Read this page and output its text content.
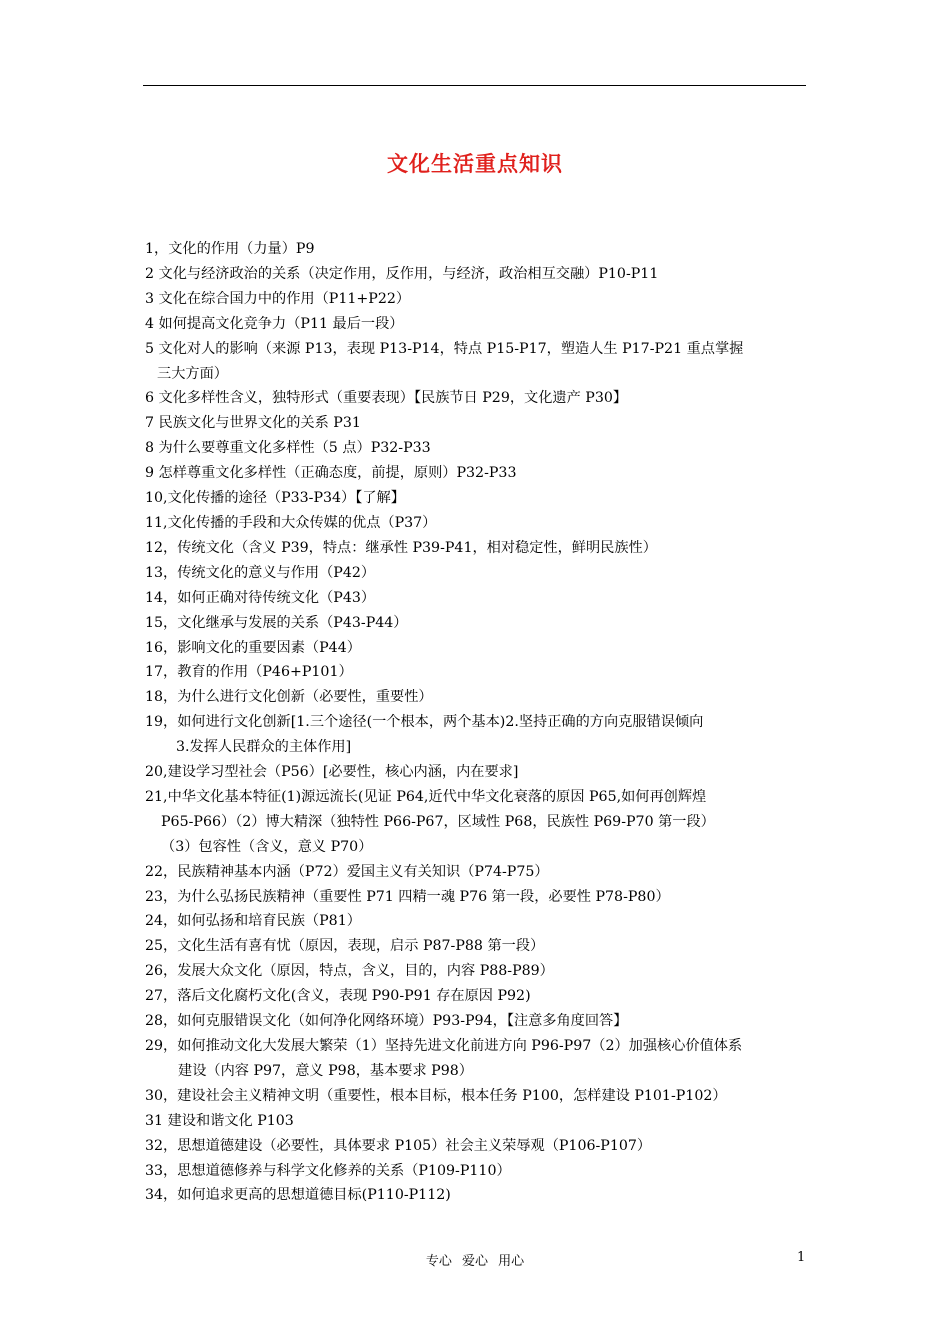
文化生活重点知识
1，文化的作用（力量）P9
2 文化与经济政治的关系（决定作用，反作用，与经济，政治相互交融）P10-P11
3 文化在综合国力中的作用（P11+P22）
4 如何提高文化竞争力（P11 最后一段）
5 文化对人的影响（来源 P13，表现 P13-P14，特点 P15-P17，塑造人生 P17-P21 重点掌握
三大方面）
6 文化多样性含义，独特形式（重要表现）【民族节日 P29，文化遗产 P30】
7 民族文化与世界文化的关系 P31
8 为什么要尊重文化多样性（5 点）P32-P33
9 怎样尊重文化多样性（正确态度，前提，原则）P32-P33
10,文化传播的途径（P33-P34）【了解】
11,文化传播的手段和大众传媒的优点（P37）
12，传统文化（含义 P39，特点：继承性 P39-P41，相对稳定性，鲜明民族性）
13，传统文化的意义与作用（P42）
14，如何正确对待传统文化（P43）
15，文化继承与发展的关系（P43-P44）
16，影响文化的重要因素（P44）
17，教育的作用（P46+P101）
18，为什么进行文化创新（必要性，重要性）
19，如何进行文化创新[1.三个途径(一个根本，两个基本)2.坚持正确的方向克服错误倾向
3.发挥人民群众的主体作用]
20,建设学习型社会（P56）[必要性，核心内涵，内在要求]
21,中华文化基本特征(1)源远流长(见证 P64,近代中华文化衰落的原因 P65,如何再创辉煌
P65-P66）（2）博大精深（独特性 P66-P67，区域性 P68，民族性 P69-P70 第一段）
（3）包容性（含义，意义 P70）
22，民族精神基本内涵（P72）爱国主义有关知识（P74-P75）
23，为什么弘扬民族精神（重要性 P71 四精一魂 P76 第一段，必要性 P78-P80）
24，如何弘扬和培育民族（P81）
25，文化生活有喜有忧（原因，表现，启示 P87-P88 第一段）
26，发展大众文化（原因，特点，含义，目的，内容 P88-P89）
27，落后文化腐朽文化(含义，表现 P90-P91 存在原因 P92)
28，如何克服错误文化（如何净化网络环境）P93-P94，【注意多角度回答】
29，如何推动文化大发展大繁荣（1）坚持先进文化前进方向 P96-P97（2）加强核心价值体系
建设（内容 P97，意义 P98，基本要求 P98）
30，建设社会主义精神文明（重要性，根本目标，根本任务 P100，怎样建设 P101-P102）
31 建设和谐文化 P103
32，思想道德建设（必要性，具体要求 P105）社会主义荣辱观（P106-P107）
33，思想道德修养与科学文化修养的关系（P109-P110）
34，如何追求更高的思想道德目标(P110-P112)
专心 爱心 用心	1
